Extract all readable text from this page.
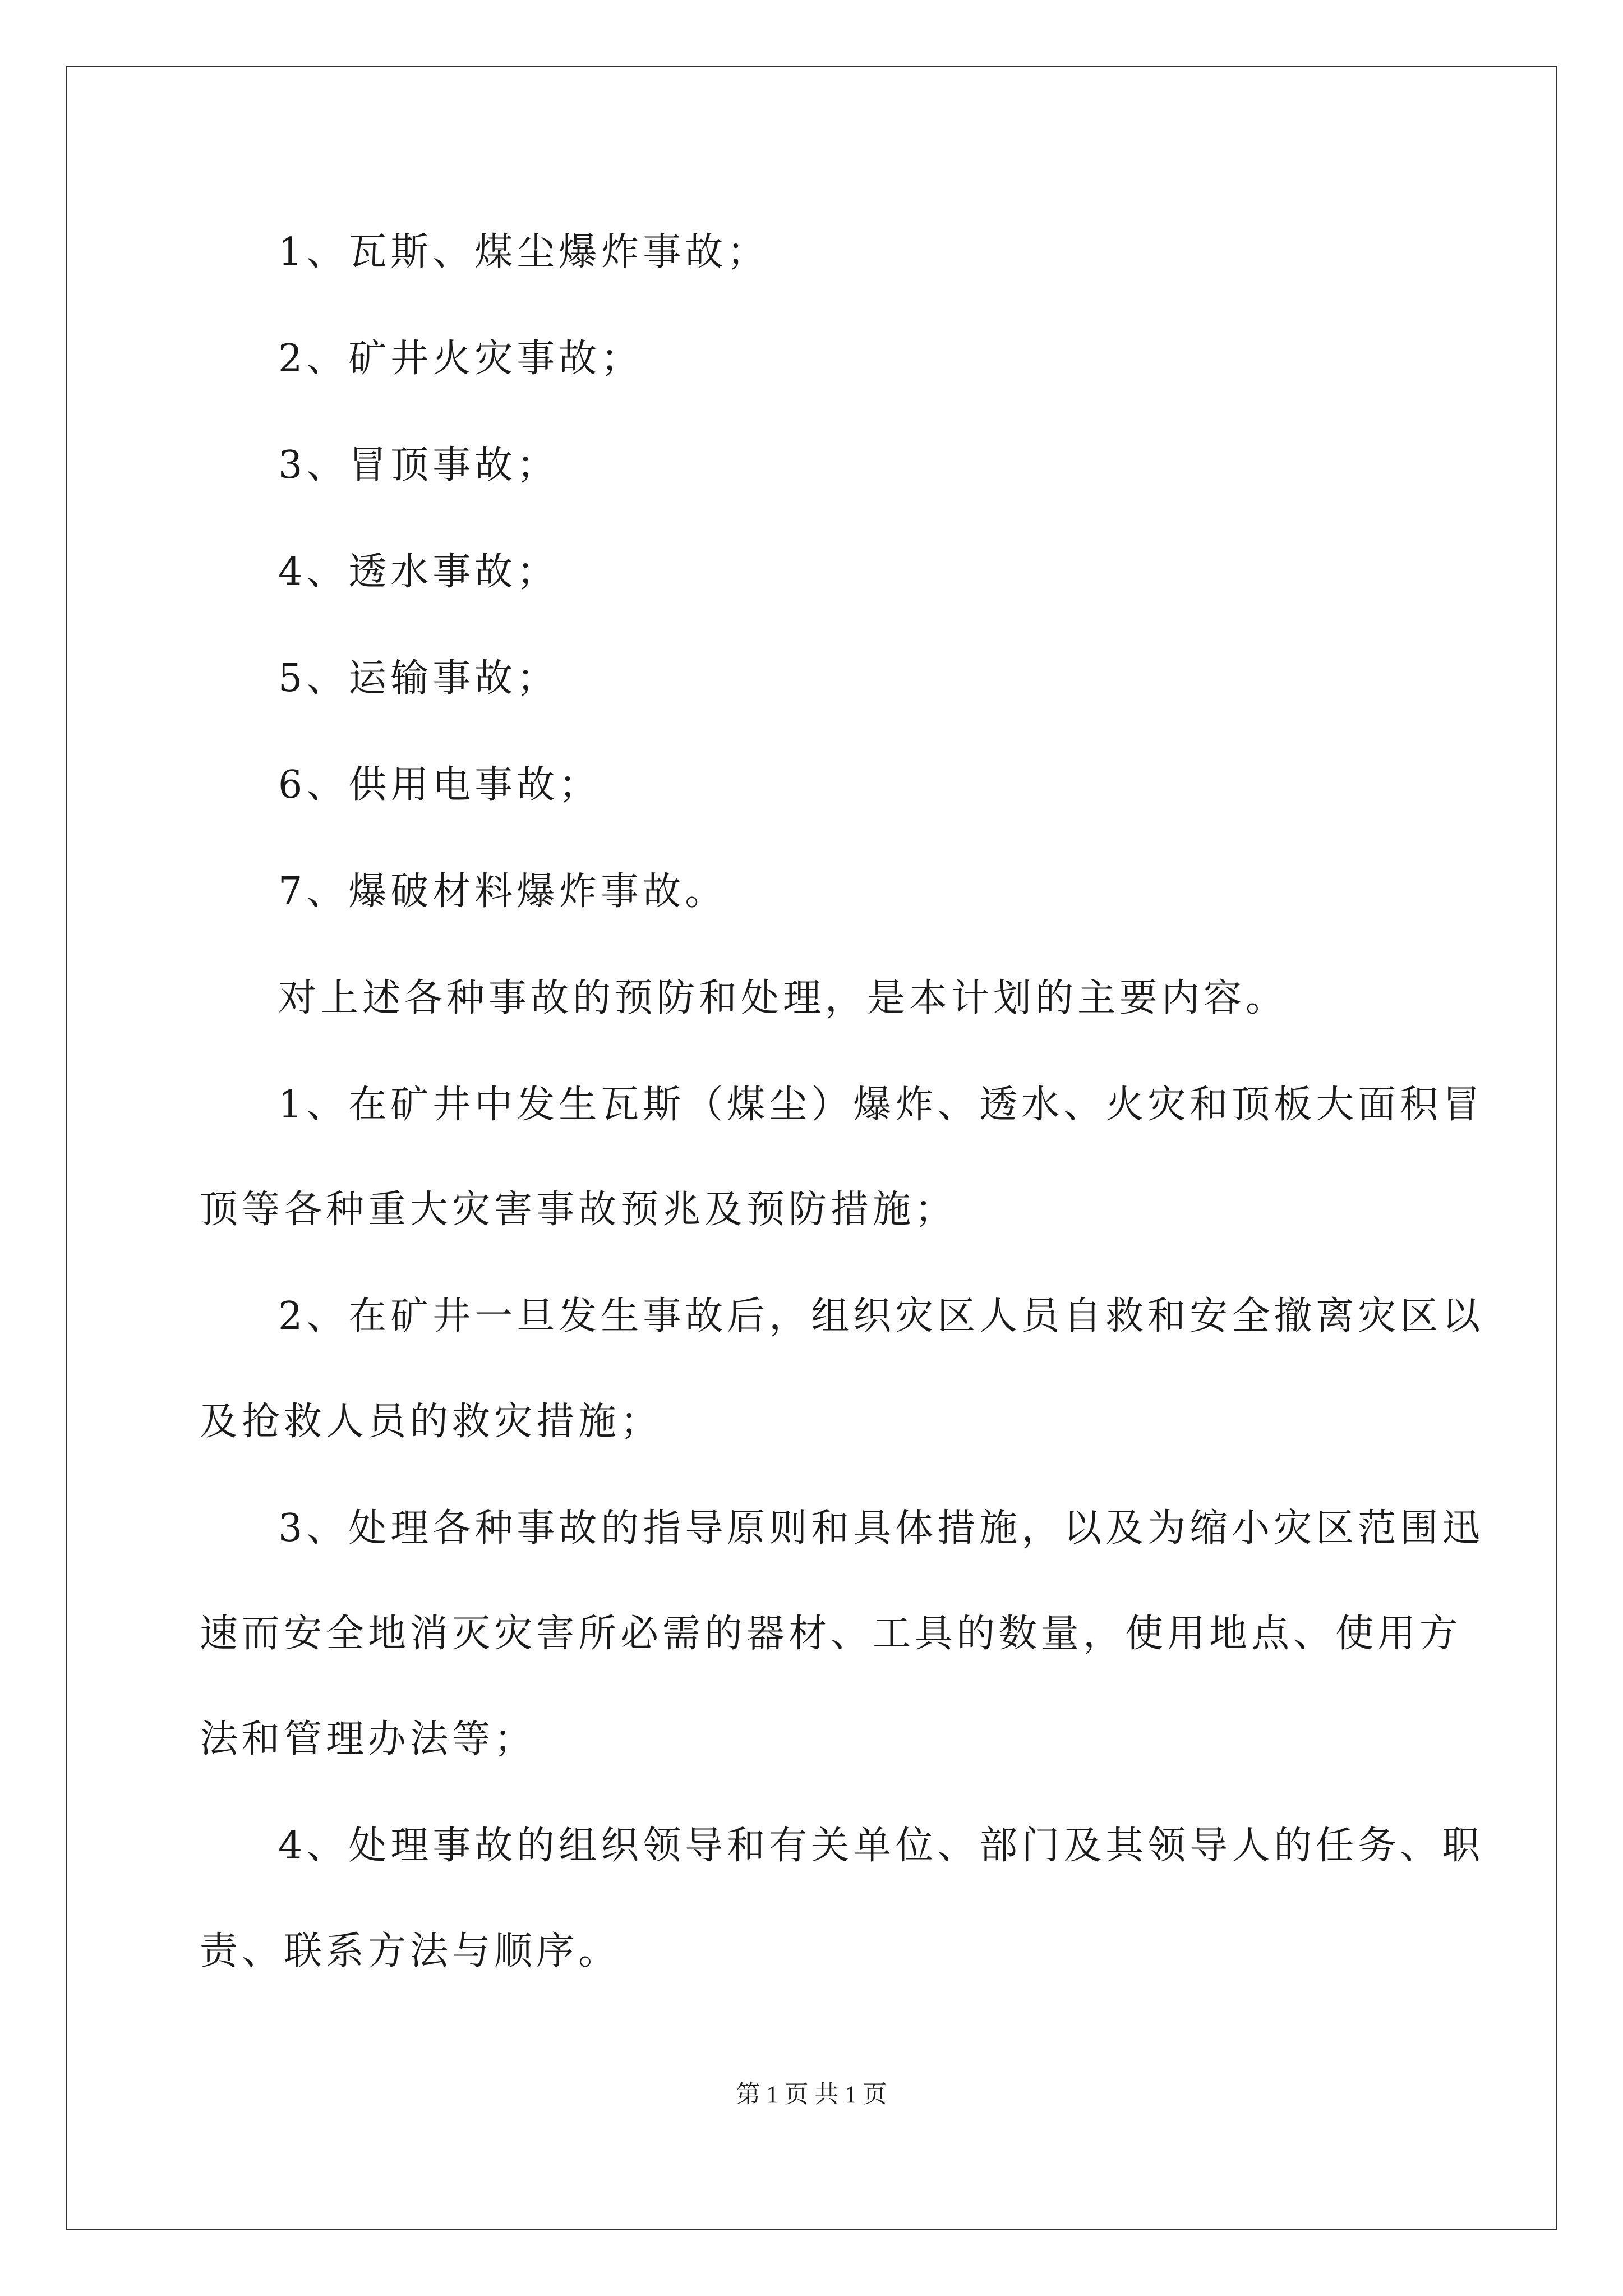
1、瓦斯、煤尘爆炸事故；
2、矿井火灾事故；
3、冒顶事故；
4、透水事故；
5、运输事故；
6、供用电事故；
7、爆破材料爆炸事故。
对上述各种事故的预防和处理，是本计划的主要内容。
1、在矿井中发生瓦斯（煤尘）爆炸、透水、火灾和顶板大面积冒
顶等各种重大灾害事故预兆及预防措施；
2、在矿井一旦发生事故后，组织灾区人员自救和安全撤离灾区以
及抢救人员的救灾措施；
3、处理各种事故的指导原则和具体措施，以及为缩小灾区范围迅
速而安全地消灭灾害所必需的器材、工具的数量，使用地点、使用方
法和管理办法等；
4、处理事故的组织领导和有关单位、部门及其领导人的任务、职
责、联系方法与顺序。
第 1 页 共 1 页
